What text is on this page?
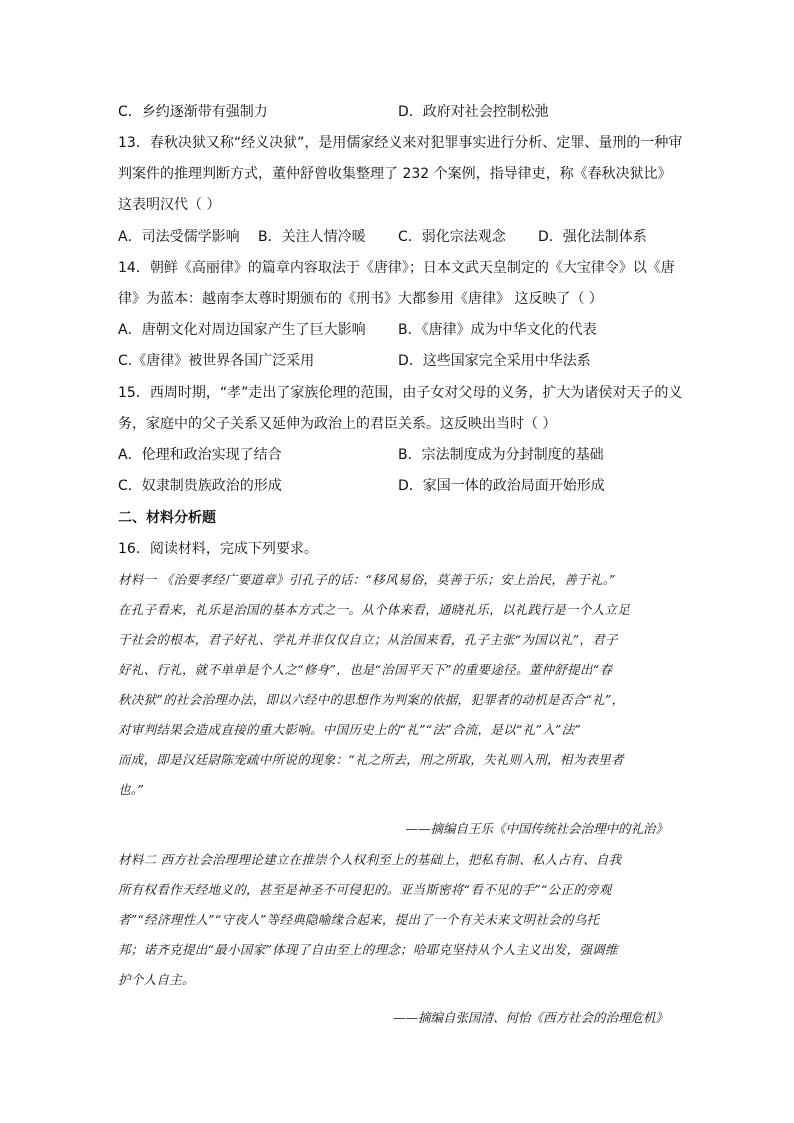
C．乡约逐渐带有强制力	D．政府对社会控制松弛
13．春秋决狱又称“经义决狱”，是用儒家经义来对犯罪事实进行分析、定罪、量刑的一种审
判案件的推理判断方式，董仲舒曾收集整理了 232 个案例，指导律吏，称《春秋决狱比》
这表明汉代（ ）
A．司法受儒学影响 B．关注人情冷暖 C．弱化宗法观念 D．强化法制体系
14．朝鲜《高丽律》的篇章内容取法于《唐律》；日本文武天皇制定的《大宝律令》以《唐
律》为蓝本：越南李太尊时期颁布的《刑书》大都参用《唐律》 这反映了（ ）
A．唐朝文化对周边国家产生了巨大影响 B．《唐律》成为中华文化的代表
C.《唐律》被世界各国广泛采用	D．这些国家完全采用中华法系
15．西周时期，“孝”走出了家族伦理的范围，由子女对父母的义务，扩大为诸侯对天子的义
务，家庭中的父子关系又延伸为政治上的君臣关系。这反映出当时（ ）
A．伦理和政治实现了结合	B．宗法制度成为分封制度的基础
C．奴隶制贵族政治的形成	D．家国一体的政治局面开始形成
二、材料分析题
16．阅读材料，完成下列要求。
材料一 《治要孝经广要道章》引孔子的话：“移风易俗，莫善于乐；安上治民，善于礼。”
在孔子看来，礼乐是治国的基本方式之一。从个体来看，通晓礼乐，以礼践行是一个人立足
于社会的根本，君子好礼、学礼并非仅仅自立；从治国来看，孔子主张“为国以礼”，君子
好礼、行礼，就不单单是个人之“修身”，也是“治国平天下”的重要途径。董仲舒提出“春
秋决狱”的社会治理办法，即以六经中的思想作为判案的依据，犯罪者的动机是否合“礼”，
对审判结果会造成直接的重大影响。中国历史上的“礼”“法”合流，是以“礼”入”法”
而成，即是汉廷尉陈宠疏中所说的现象：“礼之所去，刑之所取，失礼则入刑，相为表里者
也。”
——摘编自王乐《中国传统社会治理中的礼治》
材料二 西方社会治理理论建立在推崇个人权利至上的基础上，把私有制、私人占有、自我
所有权看作天经地义的，甚至是神圣不可侵犯的。亚当斯密将“看不见的手”“公正的旁观
者”“经济理性人”“守夜人”等经典隐喻缘合起来，提出了一个有关未来文明社会的乌托
邦；诺齐克提出“最小国家”体现了自由至上的理念；哈耶克坚持从个人主义出发，强调维
护个人自主。
——摘编自张国清、何怡《西方社会的治理危机》
